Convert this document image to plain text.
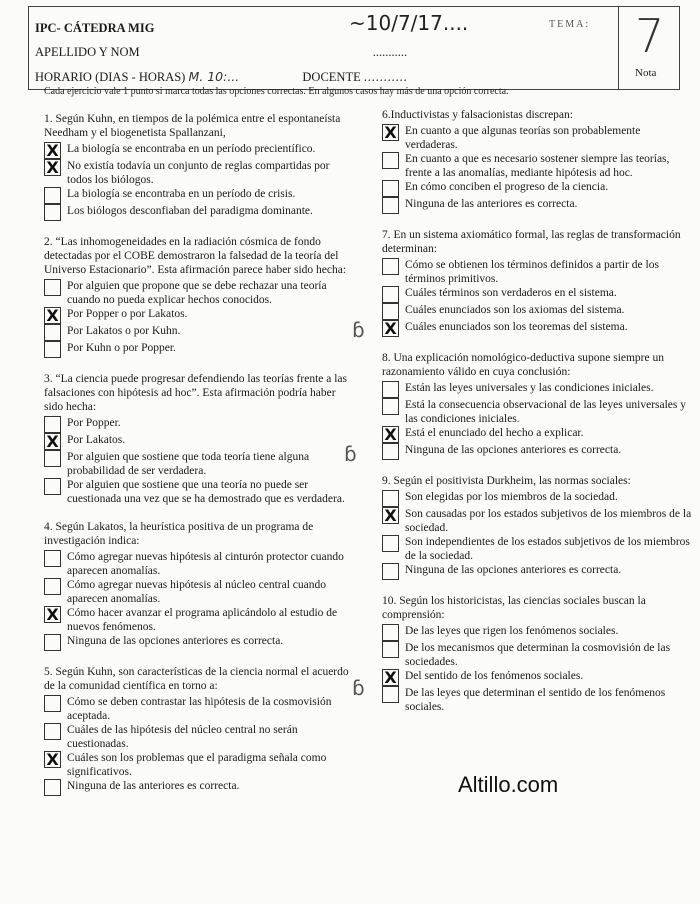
IPC- CÁTEDRA MIG	~10/7/17....	TEMA:
APELLIDO Y NOM	...........
HORARIO (DIAS - HORAS) M. 10:...	DOCENTE ...........
7
Nota
Cada ejercicio vale 1 punto si marca todas las opciones correctas. En algunos casos hay más de una opción correcta.
1. Según Kuhn, en tiempos de la polémica entre el espontaneísta Needham y el biogenetista Spallanzani,
X La biología se encontraba en un período precientífico.
X No existía todavía un conjunto de reglas compartidas por todos los biólogos.
La biología se encontraba en un período de crisis.
Los biólogos desconfiaban del paradigma dominante.
2. “Las inhomogeneidades en la radiación cósmica de fondo detectadas por el COBE demostraron la falsedad de la teoría del Universo Estacionario”. Esta afirmación parece haber sido hecha:
Por alguien que propone que se debe rechazar una teoría cuando no pueda explicar hechos conocidos.
X Por Popper o por Lakatos.
Por Lakatos o por Kuhn.
Por Kuhn o por Popper.
3. “La ciencia puede progresar defendiendo las teorías frente a las falsaciones con hipótesis ad hoc”. Esta afirmación podría haber sido hecha:
Por Popper.
X Por Lakatos.
Por alguien que sostiene que toda teoría tiene alguna probabilidad de ser verdadera.
Por alguien que sostiene que una teoría no puede ser cuestionada una vez que se ha demostrado que es verdadera.
4. Según Lakatos, la heurística positiva de un programa de investigación indica:
Cómo agregar nuevas hipótesis al cinturón protector cuando aparecen anomalías.
Cómo agregar nuevas hipótesis al núcleo central cuando aparecen anomalías.
X Cómo hacer avanzar el programa aplicándolo al estudio de nuevos fenómenos.
Ninguna de las opciones anteriores es correcta.
5. Según Kuhn, son características de la ciencia normal el acuerdo de la comunidad científica en torno a:
Cómo se deben contrastar las hipótesis de la cosmovisión aceptada.
Cuáles de las hipótesis del núcleo central no serán cuestionadas.
X Cuáles son los problemas que el paradigma señala como significativos.
Ninguna de las anteriores es correcta.
6.Inductivistas y falsacionistas discrepan:
X En cuanto a que algunas teorías son probablemente verdaderas.
En cuanto a que es necesario sostener siempre las teorías, frente a las anomalías, mediante hipótesis ad hoc.
En cómo conciben el progreso de la ciencia.
Ninguna de las anteriores es correcta.
7. En un sistema axiomático formal, las reglas de transformación determinan:
Cómo se obtienen los términos definidos a partir de los términos primitivos.
Cuáles términos son verdaderos en el sistema.
Cuáles enunciados son los axiomas del sistema.
X Cuáles enunciados son los teoremas del sistema.
8. Una explicación nomológico-deductiva supone siempre un razonamiento válido en cuya conclusión:
Están las leyes universales y las condiciones iniciales.
Está la consecuencia observacional de las leyes universales y las condiciones iniciales.
X Está el enunciado del hecho a explicar.
Ninguna de las opciones anteriores es correcta.
9. Según el positivista Durkheim, las normas sociales:
Son elegidas por los miembros de la sociedad.
X Son causadas por los estados subjetivos de los miembros de la sociedad.
Son independientes de los estados subjetivos de los miembros de la sociedad.
Ninguna de las opciones anteriores es correcta.
10. Según los historicistas, las ciencias sociales buscan la comprensión:
De las leyes que rigen los fenómenos sociales.
De los mecanismos que determinan la cosmovisión de las sociedades.
X Del sentido de los fenómenos sociales.
De las leyes que determinan el sentido de los fenómenos sociales.
ɓ
ɓ
ɓ
Altillo.com
